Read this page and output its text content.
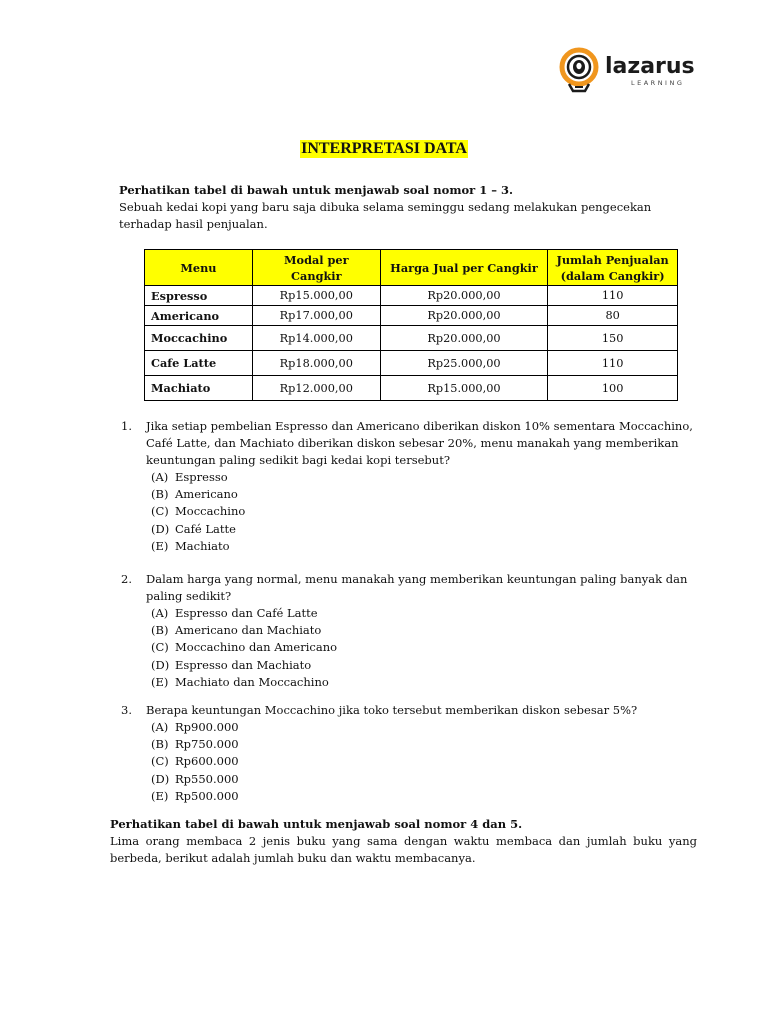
lazarus
LEARNING
INTERPRETASI DATA
Perhatikan tabel di bawah untuk menjawab soal nomor 1 – 3.
Sebuah kedai kopi yang baru saja dibuka selama seminggu sedang melakukan pengecekan terhadap hasil penjualan.
Menu	Modal per Cangkir	Harga Jual per Cangkir	Jumlah Penjualan (dalam Cangkir)
Espresso	Rp15.000,00	Rp20.000,00	110
Americano	Rp17.000,00	Rp20.000,00	80
Moccachino	Rp14.000,00	Rp20.000,00	150
Cafe Latte	Rp18.000,00	Rp25.000,00	110
Machiato	Rp12.000,00	Rp15.000,00	100
1. Jika setiap pembelian Espresso dan Americano diberikan diskon 10% sementara Moccachino, Café Latte, dan Machiato diberikan diskon sebesar 20%, menu manakah yang memberikan keuntungan paling sedikit bagi kedai kopi tersebut?
(A) Espresso
(B) Americano
(C) Moccachino
(D) Café Latte
(E) Machiato
2. Dalam harga yang normal, menu manakah yang memberikan keuntungan paling banyak dan paling sedikit?
(A) Espresso dan Café Latte
(B) Americano dan Machiato
(C) Moccachino dan Americano
(D) Espresso dan Machiato
(E) Machiato dan Moccachino
3. Berapa keuntungan Moccachino jika toko tersebut memberikan diskon sebesar 5%?
(A) Rp900.000
(B) Rp750.000
(C) Rp600.000
(D) Rp550.000
(E) Rp500.000
Perhatikan tabel di bawah untuk menjawab soal nomor 4 dan 5.
Lima orang membaca 2 jenis buku yang sama dengan waktu membaca dan jumlah buku yang berbeda, berikut adalah jumlah buku dan waktu membacanya.
